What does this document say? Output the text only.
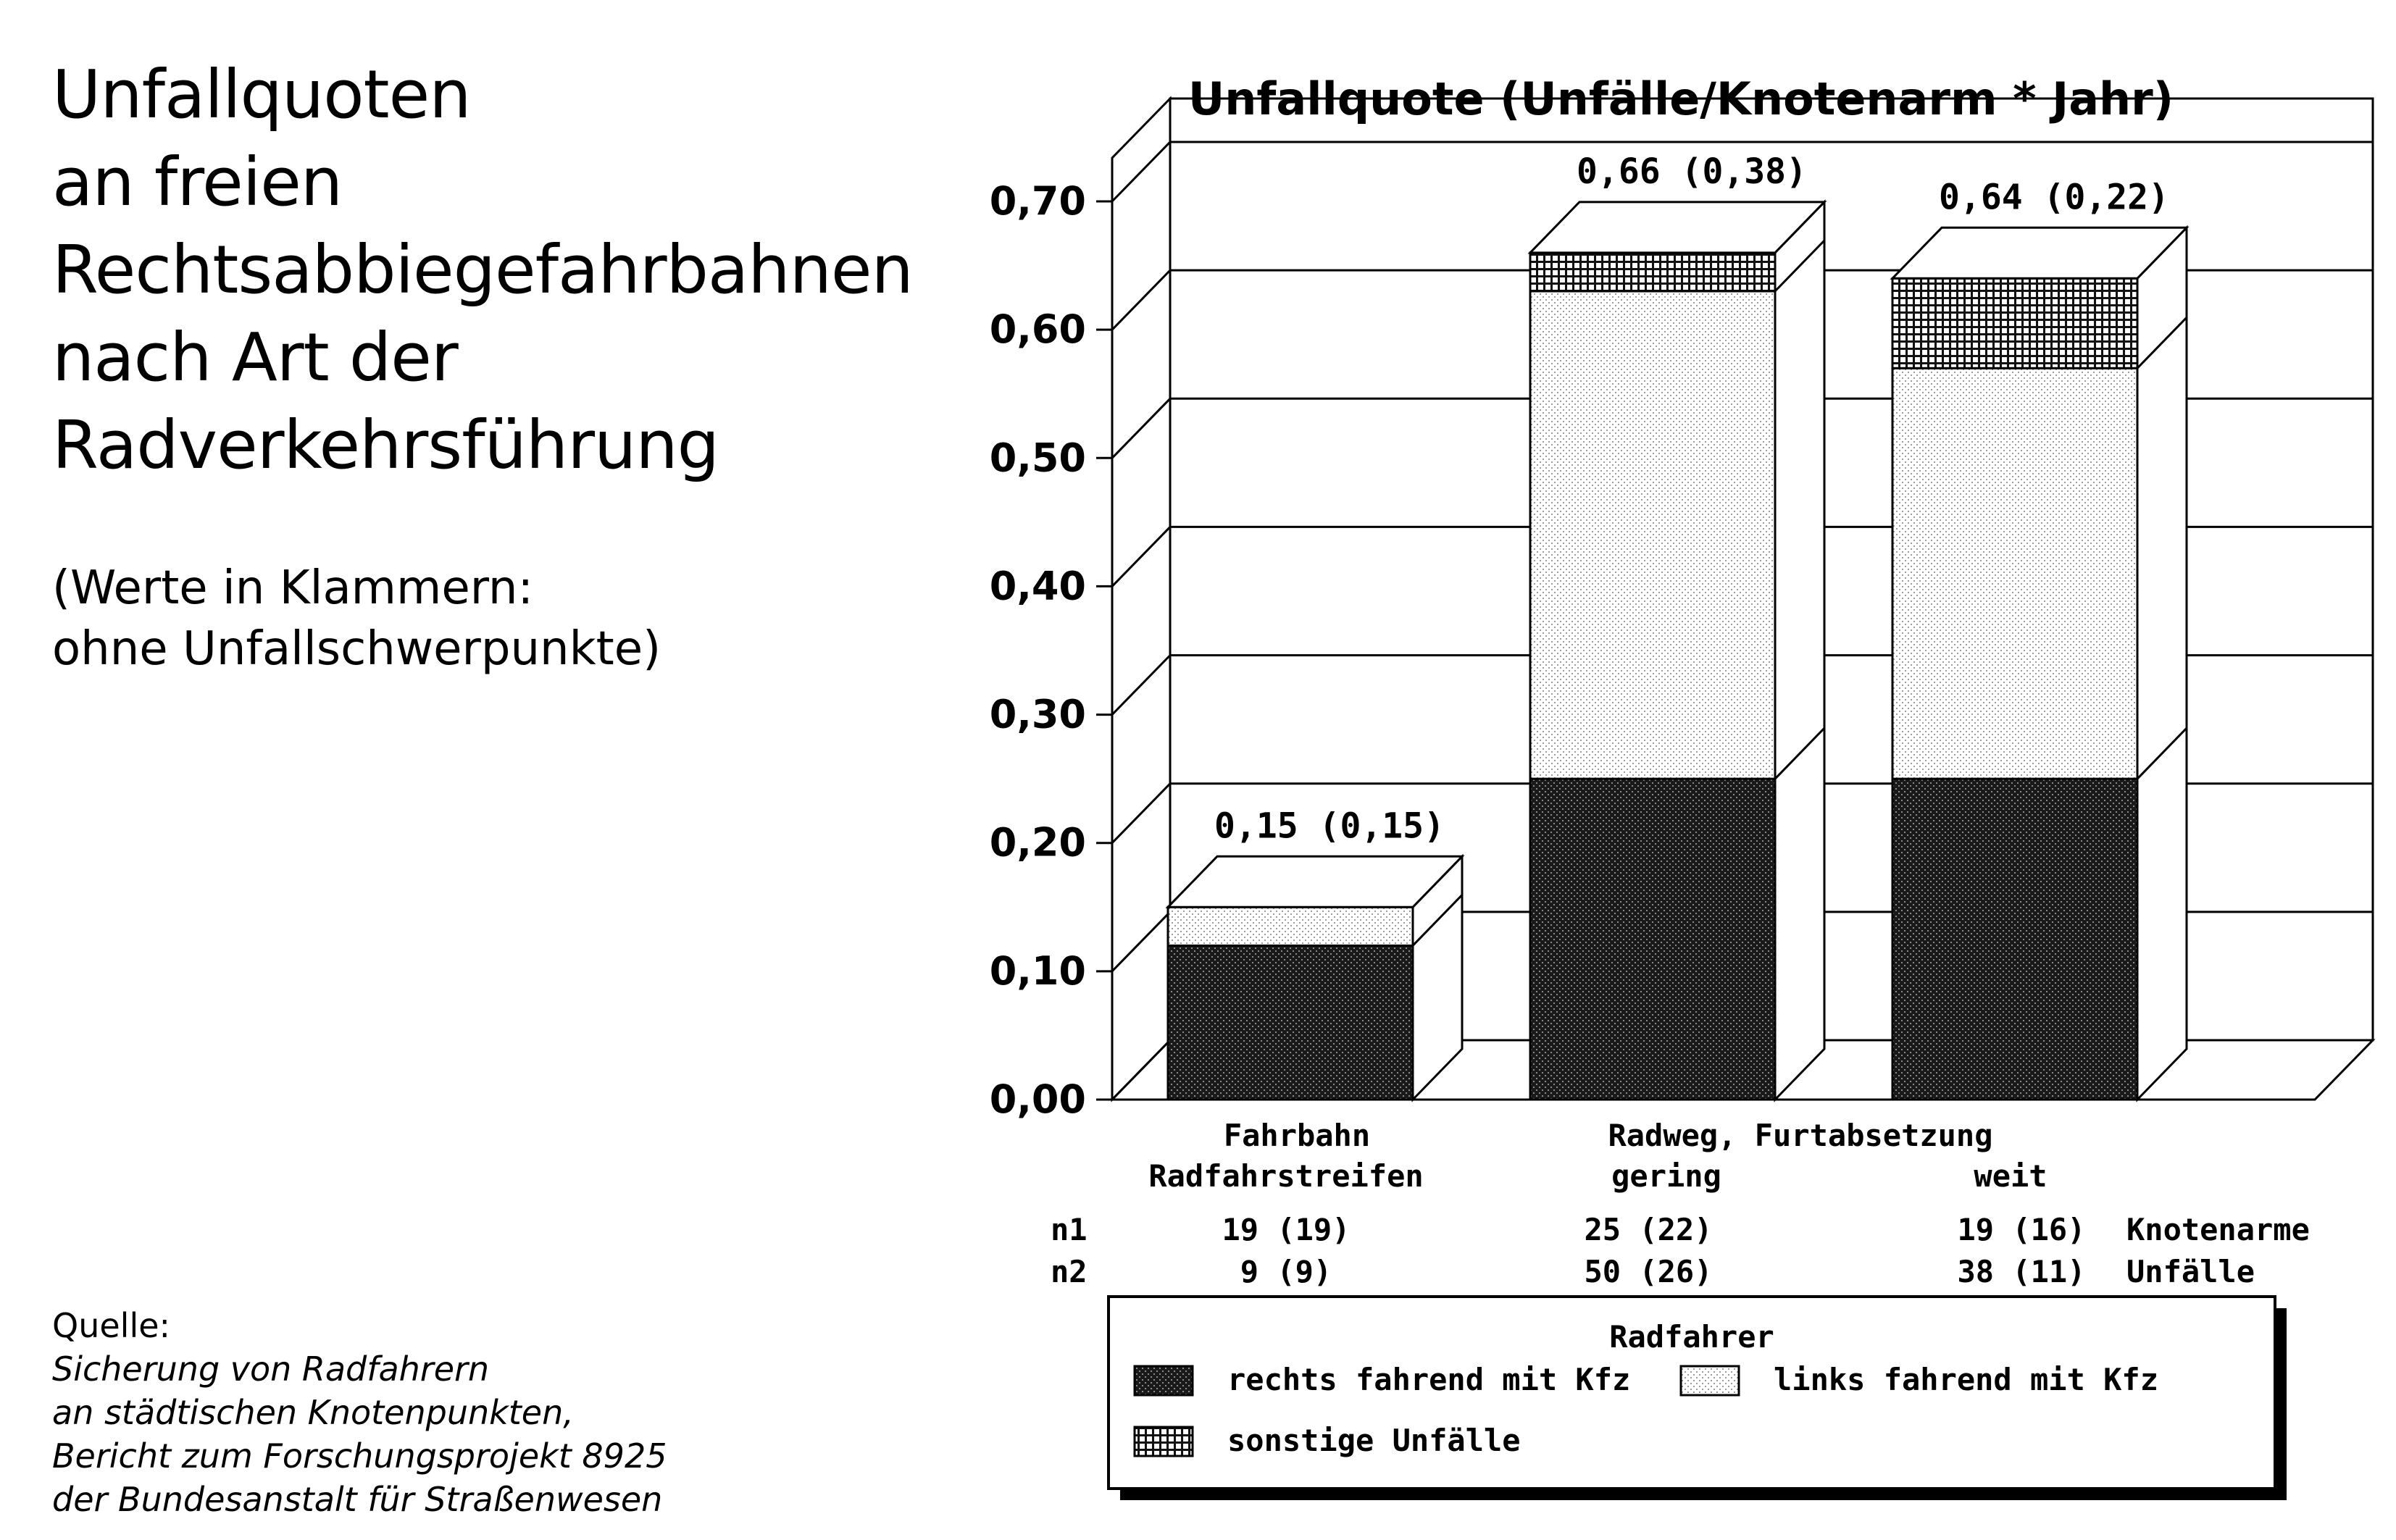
Unfallquoten
an freien
Rechtsabbiegefahrbahnen
nach Art der
Radverkehrsführung
(Werte in Klammern:
ohne Unfallschwerpunkte)
Quelle:
Sicherung von Radfahrern
an städtischen Knotenpunkten,
Bericht zum Forschungsprojekt 8925
der Bundesanstalt für Straßenwesen
0,00
0,10
0,20
0,30
0,40
0,50
0,60
0,70
Unfallquote (Unfälle/Knotenarm * Jahr)
0,15 (0,15)
0,66 (0,38)
0,64 (0,22)
Fahrbahn
Radfahrstreifen
Radweg, Furtabsetzung
gering	weit
n1	19 (19)	25 (22)	19 (16) Knotenarme
n2	9 (9)	50 (26)	38 (11) Unfälle
Radfahrer
rechts fahrend mit Kfz	links fahrend mit Kfz
sonstige Unfälle
